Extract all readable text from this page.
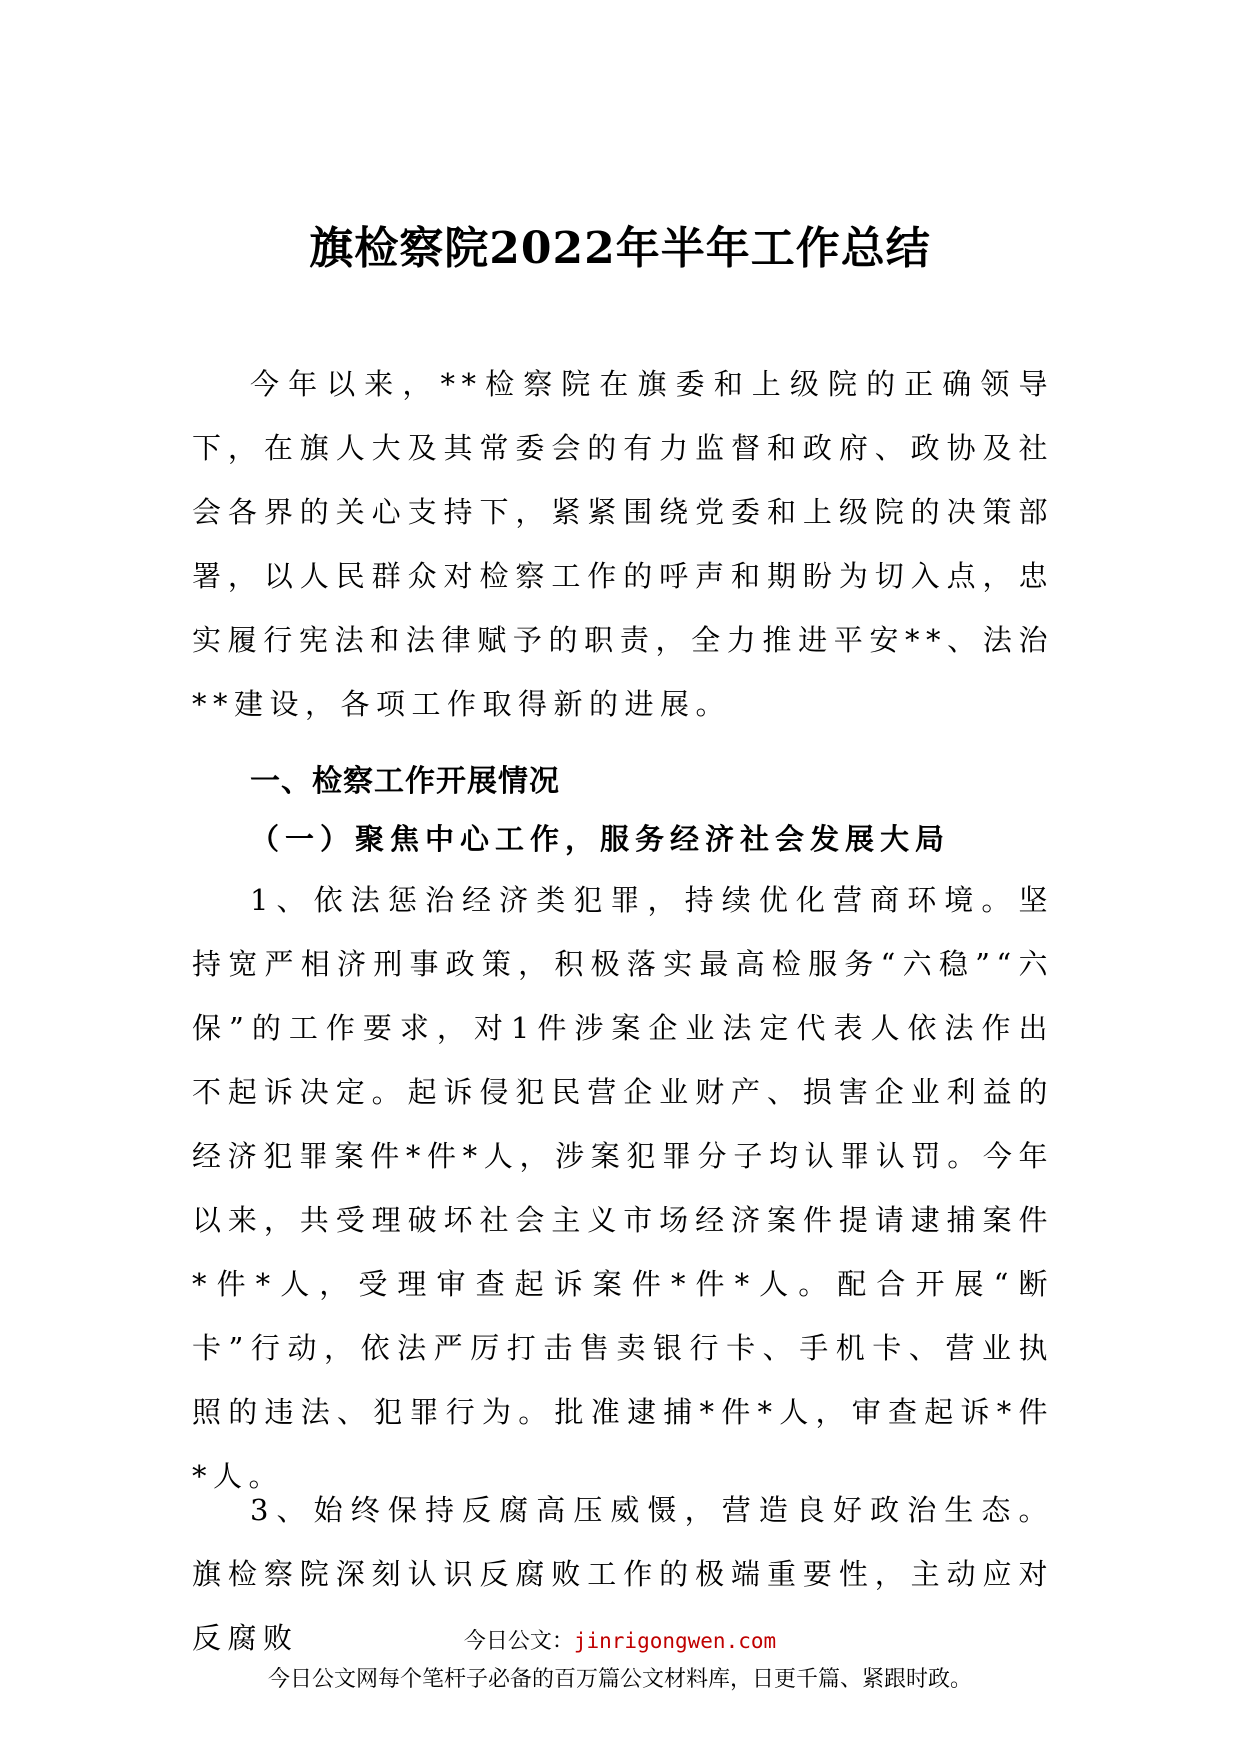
旗检察院2022年半年工作总结

今年以来，**检察院在旗委和上级院的正确领导下，在旗人大及其常委会的有力监督和政府、政协及社会各界的关心支持下，紧紧围绕党委和上级院的决策部署，以人民群众对检察工作的呼声和期盼为切入点，忠实履行宪法和法律赋予的职责，全力推进平安**、法治**建设，各项工作取得新的进展。

一、检察工作开展情况
（一）聚焦中心工作，服务经济社会发展大局

1、依法惩治经济类犯罪，持续优化营商环境。坚持宽严相济刑事政策，积极落实最高检服务“六稳”“六保”的工作要求，对1件涉案企业法定代表人依法作出不起诉决定。起诉侵犯民营企业财产、损害企业利益的经济犯罪案件*件*人，涉案犯罪分子均认罪认罚。今年以来，共受理破坏社会主义市场经济案件提请逮捕案件*件*人，受理审查起诉案件*件*人。配合开展“断卡”行动，依法严厉打击售卖银行卡、手机卡、营业执照的违法、犯罪行为。批准逮捕*件*人，审查起诉*件*人。

3、始终保持反腐高压威慑，营造良好政治生态。旗检察院深刻认识反腐败工作的极端重要性，主动应对反腐败	今日公文：jinrigongwen.com

今日公文网每个笔杆子必备的百万篇公文材料库，日更千篇、紧跟时政。
